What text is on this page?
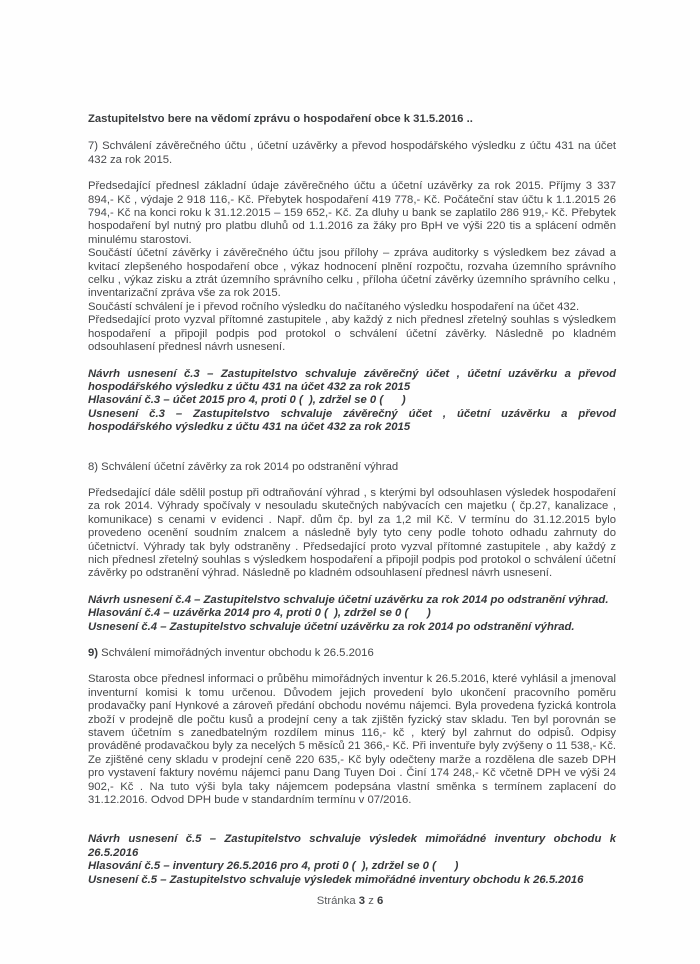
Zastupitelstvo bere na vědomí zprávu o hospodaření obce k 31.5.2016 ..
7) Schválení závěrečného účtu , účetní uzávěrky a převod hospodářského výsledku z účtu 431 na účet 432 za rok 2015.

Předsedající přednesl základní údaje závěrečného účtu a účetní uzávěrky za rok 2015. Příjmy 3 337 894,- Kč , výdaje 2 918 116,- Kč. Přebytek hospodaření 419 778,- Kč. Počáteční stav účtu k 1.1.2015 26 794,- Kč na konci roku k 31.12.2015 – 159 652,- Kč. Za dluhy u bank se zaplatilo 286 919,- Kč. Přebytek hospodaření byl nutný pro platbu dluhů od 1.1.2016 za žáky pro BpH ve výši 220 tis a splácení odměn minulému starostovi.

Součástí účetní závěrky i závěrečného účtu jsou přílohy – zpráva auditorky s výsledkem bez závad a kvitací zlepšeného hospodaření obce , výkaz hodnocení plnění rozpočtu, rozvaha územního správního celku , výkaz zisku a ztrát územního správního celku , příloha účetní závěrky územního správního celku , inventarizační zpráva vše za rok 2015.

Součástí schválení je i převod ročního výsledku do načítaného výsledku hospodaření na účet 432.

Předsedající proto vyzval přítomné zastupitele , aby každý z nich přednesl zřetelný souhlas s výsledkem hospodaření a připojil podpis pod protokol o schválení účetní závěrky. Následně po kladném odsouhlasení přednesl návrh usnesení.

Návrh usnesení č.3 – Zastupitelstvo schvaluje závěrečný účet , účetní uzávěrku a převod hospodářského výsledku z účtu 431 na účet 432 za rok 2015

Hlasování č.3 – účet 2015 pro 4, proti 0 (  ), zdržel se 0 (      )

Usnesení č.3 – Zastupitelstvo schvaluje závěrečný účet , účetní uzávěrku a převod hospodářského výsledku z účtu 431 na účet 432 za rok 2015

8) Schválení účetní závěrky za rok 2014 po odstranění výhrad

Předsedající dále sdělil postup při odtraňování výhrad , s kterými byl odsouhlasen výsledek hospodaření za rok 2014. Výhrady spočívaly v nesouladu skutečných nabývacích cen majetku ( čp.27, kanalizace , komunikace) s cenami v evidenci . Např. dům čp. byl za 1,2 mil Kč. V termínu do 31.12.2015 bylo provedeno ocenění soudním znalcem a následně byly tyto ceny podle tohoto odhadu zahrnuty do účetnictví. Výhrady tak byly odstraněny . Předsedající proto vyzval přítomné zastupitele , aby každý z nich přednesl zřetelný souhlas s výsledkem hospodaření a připojil podpis pod protokol o schválení účetní závěrky po odstranění výhrad. Následně po kladném odsouhlasení přednesl návrh usnesení.

Návrh usnesení č.4 – Zastupitelstvo schvaluje účetní uzávěrku za rok 2014 po odstranění výhrad.

Hlasování č.4 – uzávěrka 2014 pro 4, proti 0 (  ), zdržel se 0 (      )

Usnesení č.4 – Zastupitelstvo schvaluje účetní uzávěrku za rok 2014 po odstranění výhrad.

9) Schválení mimořádných inventur obchodu k 26.5.2016

Starosta obce přednesl informaci o průběhu mimořádných inventur k 26.5.2016, které vyhlásil a jmenoval inventurní komisi k tomu určenou. Důvodem jejich provedení bylo ukončení pracovního poměru prodavačky paní Hynkové a zároveň předání obchodu novému nájemci. Byla provedena fyzická kontrola zboží v prodejně dle počtu kusů a prodejní ceny a tak zjištěn fyzický stav skladu. Ten byl porovnán se stavem účetním s zanedbatelným rozdílem minus 116,- kč , který byl zahrnut do odpisů. Odpisy prováděné prodavačkou byly za necelých 5 měsíců 21 366,- Kč. Při inventuře byly zvýšeny o 11 538,- Kč. Ze zjištěné ceny skladu v prodejní ceně 220 635,- Kč byly odečteny marže a rozdělena dle sazeb DPH pro vystavení faktury novému nájemci panu Dang Tuyen Doi . Činí 174 248,- Kč včetně DPH ve výši 24 902,- Kč . Na tuto výši byla taky nájemcem podepsána vlastní směnka s termínem zaplacení do 31.12.2016. Odvod DPH bude v standardním termínu v 07/2016.

Návrh usnesení č.5 – Zastupitelstvo schvaluje výsledek mimořádné inventury obchodu k 26.5.2016

Hlasování č.5 – inventury 26.5.2016 pro 4, proti 0 (  ), zdržel se 0 (      )

Usnesení č.5 – Zastupitelstvo schvaluje výsledek mimořádné inventury obchodu k 26.5.2016

Stránka 3 z 6
